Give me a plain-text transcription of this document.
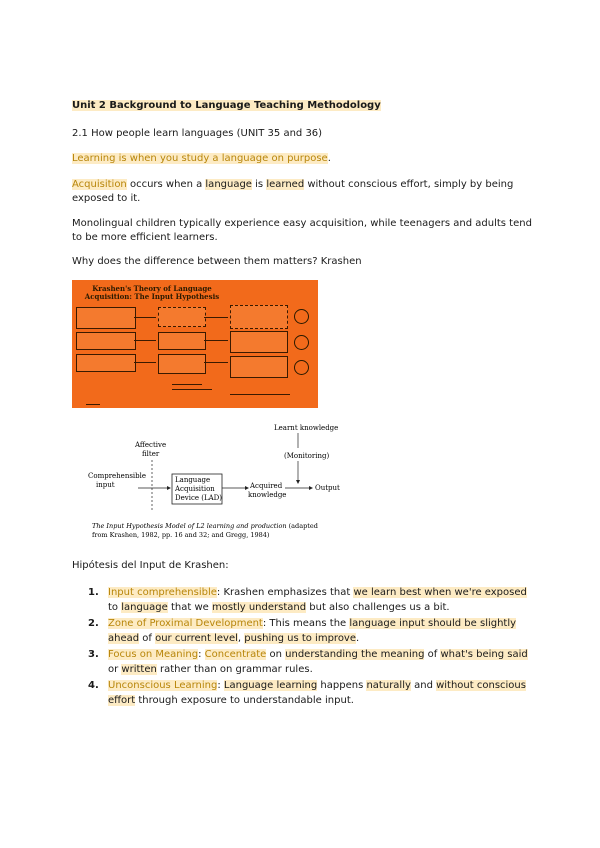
Unit 2 Background to Language Teaching Methodology

2.1 How people learn languages (UNIT 35 and 36)

Learning is when you study a language on purpose.

Acquisition occurs when a language is learned without conscious effort, simply by being exposed to it.

Monolingual children typically experience easy acquisition, while teenagers and adults tend to be more efficient learners.

Why does the difference between them matters? Krashen

Krashen's Theory of Language
Acquisition: The Input Hypothesis
Learnt knowledge
(Monitoring)
Affective
filter
Comprehensible
input
Language
Acquisition
Device (LAD)
Acquired
knowledge
Output
The Input Hypothesis Model of L2 learning and production (adapted
from Krashen, 1982, pp. 16 and 32; and Gregg, 1984)

Hipótesis del Input de Krashen:

1. Input comprehensible: Krashen emphasizes that we learn best when we're exposed to language that we mostly understand but also challenges us a bit.
2. Zone of Proximal Development: This means the language input should be slightly ahead of our current level, pushing us to improve.
3. Focus on Meaning: Concentrate on understanding the meaning of what's being said or written rather than on grammar rules.
4. Unconscious Learning: Language learning happens naturally and without conscious effort through exposure to understandable input.
